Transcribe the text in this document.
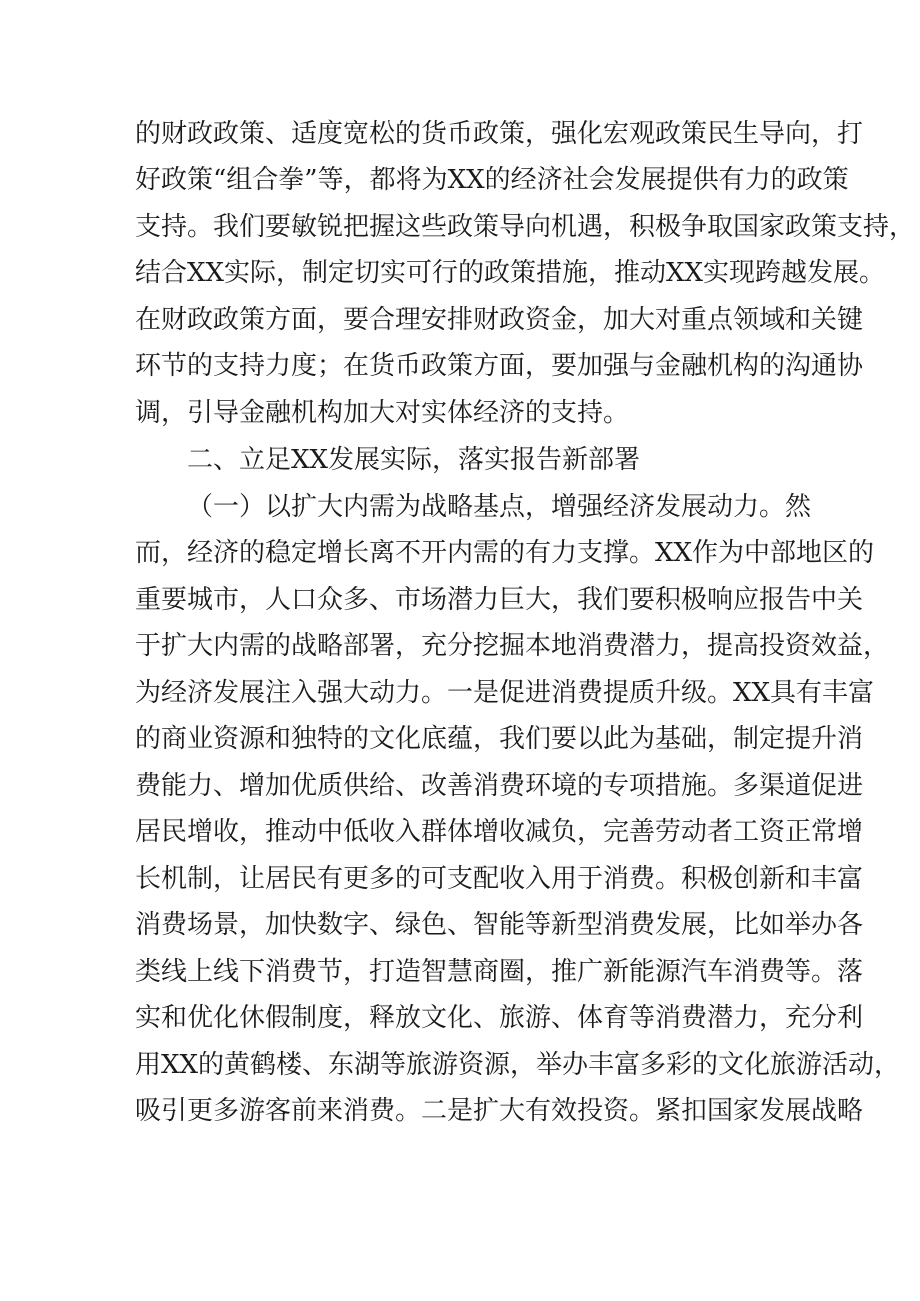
的财政政策、适度宽松的货币政策，强化宏观政策民生导向，打
好政策“组合拳”等，都将为XX的经济社会发展提供有力的政策
支持。我们要敏锐把握这些政策导向机遇，积极争取国家政策支持，
结合XX实际，制定切实可行的政策措施，推动XX实现跨越发展。
在财政政策方面，要合理安排财政资金，加大对重点领域和关键
环节的支持力度；在货币政策方面，要加强与金融机构的沟通协
调，引导金融机构加大对实体经济的支持。
二、立足XX发展实际，落实报告新部署
（一）以扩大内需为战略基点，增强经济发展动力。然
而，经济的稳定增长离不开内需的有力支撑。XX作为中部地区的
重要城市，人口众多、市场潜力巨大，我们要积极响应报告中关
于扩大内需的战略部署，充分挖掘本地消费潜力，提高投资效益，
为经济发展注入强大动力。一是促进消费提质升级。XX具有丰富
的商业资源和独特的文化底蕴，我们要以此为基础，制定提升消
费能力、增加优质供给、改善消费环境的专项措施。多渠道促进
居民增收，推动中低收入群体增收减负，完善劳动者工资正常增
长机制，让居民有更多的可支配收入用于消费。积极创新和丰富
消费场景，加快数字、绿色、智能等新型消费发展，比如举办各
类线上线下消费节，打造智慧商圈，推广新能源汽车消费等。落
实和优化休假制度，释放文化、旅游、体育等消费潜力，充分利
用XX的黄鹤楼、东湖等旅游资源，举办丰富多彩的文化旅游活动，
吸引更多游客前来消费。二是扩大有效投资。紧扣国家发展战略
